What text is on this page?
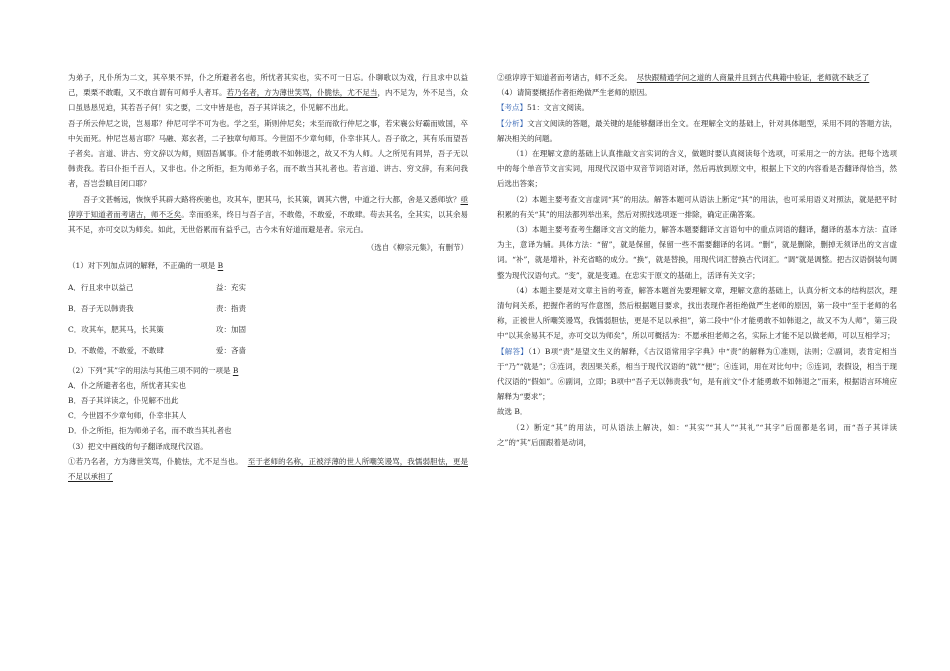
为弟子，凡仆所为二文，其卒果不异，仆之所避者名也，所忧者其实也，实不可一日忘。仆聊歌以为戏，行且求中以益己，栗栗不敢暇，又不敢自谓有可师乎人者耳。若乃名者，方为薄世笑骂，仆脆怯，尤不足当，内不足为，外不足当，众口虽恳恳见迫，其若吾子何！实之要，二文中皆是也，吾子其详读之，仆见解不出此。

吾子所云仲尼之说，岂易耶？仲尼可学不可为也。学之至，斯则仲尼矣；未至而欲行仲尼之事，若宋襄公好霸而败国，卒中矢而死。仲尼岂易言耶？马融、郑玄者，二子独章句师耳。今世固不少章句师，仆幸非其人。吾子欲之，其有乐而望吾子者矣。言道、讲古、穷文辞以为师，则固吾属事。仆才能勇敢不如韩退之，故又不为人师。人之所见有同异，吾子无以韩责我。若曰仆拒千百人，又非也。仆之所拒，拒为师弟子名，而不敢当其礼者也。若言道、讲古、穷文辞，有来问我者，吾岂尝瞋目闭口耶？

吾子文甚畅远，恢恢乎其辟大路将疾驰也，攻其车，肥其马，长其策，调其六辔，中道之行大都，舍是又悉师欤？亟谆谆于知道者而考诸古，师不乏矣。幸而亟来，终日与吾子言，不敢倦，不敢爱，不敢肆。苟去其名，全其实，以其余易其不足，亦可交以为师矣。如此，无世俗累而有益乎己，古今未有好道而避是者。宗元白。

（选自《柳宗元集》，有删节）

（1）对下列加点词的解释，不正确的一项是 B

A．行且求中以益己	益：充实
B．吾子无以韩责我	责：指责
C．攻其车，肥其马，长其策	攻：加固
D．不敢倦，不敢爱，不敢肆	爱：吝啬

（2）下列“其”字的用法与其他三项不同的一项是 B

A．仆之所避者名也，所忧者其实也

B．吾子其详读之，仆见解不出此

C．今世固不少章句师，仆幸非其人

D．仆之所拒，拒为师弟子名，而不敢当其礼者也

（3）把文中画线的句子翻译成现代汉语。

①若乃名者，方为薄世笑骂，仆脆怯，尤不足当也。 至于老师的名称，正被浮薄的世人所嘲笑谩骂，我懦弱胆怯，更是不足以承担了

②亟谆谆于知道者而考诸古，师不乏矣。 尽快跟精通学问之道的人商量并且到古代典籍中验证，老师就不缺乏了

（4）请简要概括作者拒绝做严生老师的原因。

【考点】51：文言文阅读。

【分析】文言文阅读的答题，最关键的是能够翻译出全文。在理解全文的基础上，针对具体题型，采用不同的答题方法，解决相关的问题。

（1）在理解文意的基础上认真推敲文言实词的含义，做题时要认真阅读每个选项，可采用之一的方法。把每个选项中的每个单音节文言实词，用现代汉语中双音节词语对译，然后再放到原文中，根据上下文的内容看是否翻译得恰当，然后选出答案；

（2）本题主要考查文言虚词“其”的用法。解答本题可从语法上断定“其”的用法，也可采用语义对照法，就是把平时积累的有关“其”的用法都列举出来，然后对照找选项逐一排除，确定正确答案。

（3）本题主要考查考生翻译文言文的能力，解答本题要翻译文言语句中的重点词语的翻译，翻译的基本方法：直译为主，意译为辅。具体方法：“留”，就是保留，保留一些不需要翻译的名词。“删”，就是删除，删掉无须译出的文言虚词。“补”，就是增补，补充省略的成分。“换”，就是替换，用现代词汇替换古代词汇。“调”就是调整。把古汉语倒装句调整为现代汉语句式。“变”，就是变通。在忠实于原文的基础上，活译有关文字；

（4）本题主要是对文章主旨的考查，解答本题首先要理解文章，理解文意的基础上，认真分析文本的结构层次，理清句间关系，把握作者的写作意图，然后根据题目要求，找出表现作者拒绝做严生老师的原因，第一段中“至于老师的名称，正被世人所嘲笑谩骂，我懦弱胆怯，更是不足以承担”，第二段中“仆才能勇敢不如韩退之，故又不为人师”，第三段中“以其余易其不足，亦可交以为师矣”，所以可概括为：不愿承担老师之名，实际上才能不足以做老师，可以互相学习；

【解答】（1）B项“责”是望文生义的解释，《古汉语常用字字典》中“责”的解释为①准则，法则；②副词，表肯定相当于“乃”“就是”；③连词，表因果关系，相当于现代汉语的“就”“便”；④连词，用在对比句中；⑤连词，表假设，相当于现代汉语的“假如”。⑥副词，立即；B项中“吾子无以韩责我”句，是有前文“仆才能勇敢不如韩退之”而来，根据语言环境应解释为“要求”；

故选 B．

（2）断定“其”的用法，可从语法上解决，如：“其实”“其人”“其礼”“其字”后面都是名词，而“吾子其详读之”的“其”后面跟着是动词，
